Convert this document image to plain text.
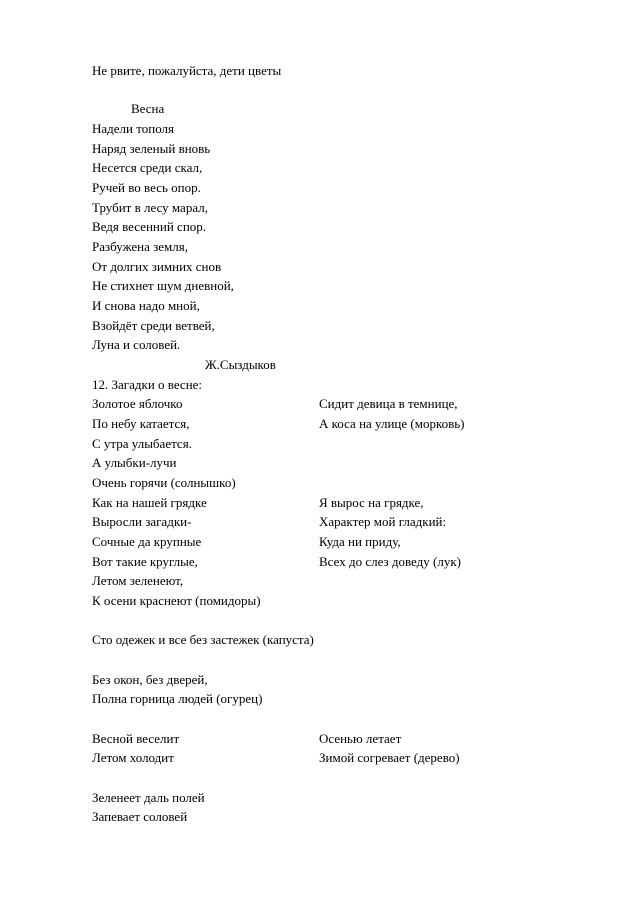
Не рвите, пожалуйста, дети цветы
Весна
Надели тополя
Наряд зеленый вновь
Несется среди скал,
Ручей во весь опор.
Трубит в лесу марал,
Ведя весенний спор.
Разбужена земля,
От долгих зимних снов
Не стихнет шум дневной,
И снова надо мной,
Взойдёт среди ветвей,
Луна и соловей.
Ж.Сыздыков
12. Загадки о весне:
Золотое яблочко	Сидит девица в темнице,
По небу катается,	А коса на улице (морковь)
С утра улыбается.
А улыбки-лучи
Очень горячи (солнышко)
Как на нашей грядке	Я вырос на грядке,
Выросли загадки-	Характер мой гладкий:
Сочные да крупные	Куда ни приду,
Вот такие круглые,	Всех до слез доведу (лук)
Летом зеленеют,
К осени краснеют (помидоры)
Сто одежек и все без застежек (капуста)
Без окон, без дверей,
Полна горница людей (огурец)
Весной веселит	Осенью летает
Летом холодит	Зимой согревает (дерево)
Зеленеет даль полей
Запевает соловей
